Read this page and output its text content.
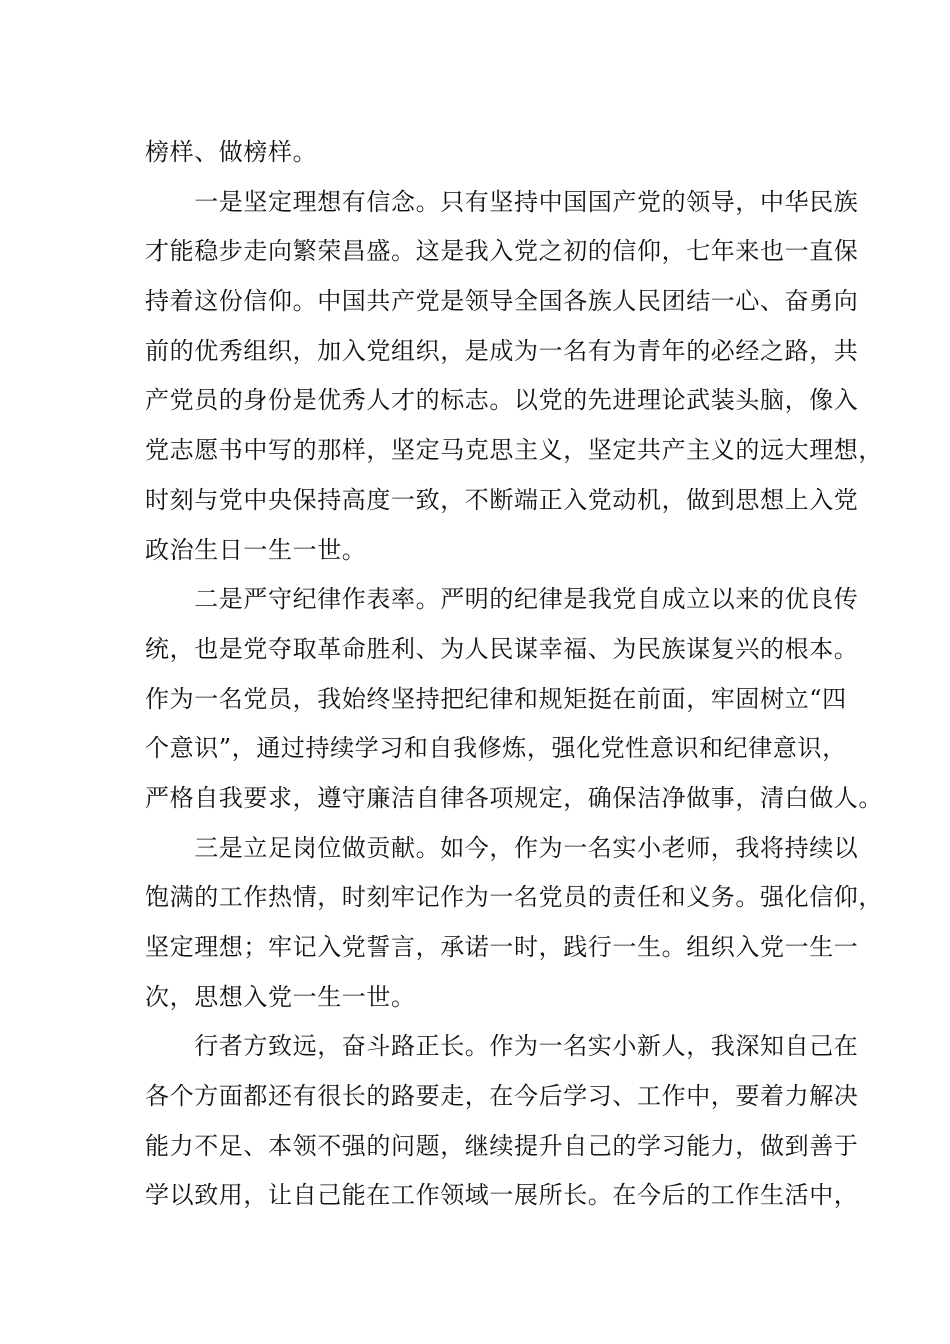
榜样、做榜样。
　　一是坚定理想有信念。只有坚持中国国产党的领导，中华民族
才能稳步走向繁荣昌盛。这是我入党之初的信仰，七年来也一直保
持着这份信仰。中国共产党是领导全国各族人民团结一心、奋勇向
前的优秀组织，加入党组织，是成为一名有为青年的必经之路，共
产党员的身份是优秀人才的标志。以党的先进理论武装头脑，像入
党志愿书中写的那样，坚定马克思主义，坚定共产主义的远大理想，
时刻与党中央保持高度一致，不断端正入党动机，做到思想上入党
政治生日一生一世。
　　二是严守纪律作表率。严明的纪律是我党自成立以来的优良传
统，也是党夺取革命胜利、为人民谋幸福、为民族谋复兴的根本。
作为一名党员，我始终坚持把纪律和规矩挺在前面，牢固树立“四
个意识”，通过持续学习和自我修炼，强化党性意识和纪律意识，
严格自我要求，遵守廉洁自律各项规定，确保洁净做事，清白做人。
　　三是立足岗位做贡献。如今，作为一名实小老师，我将持续以
饱满的工作热情，时刻牢记作为一名党员的责任和义务。强化信仰，
坚定理想；牢记入党誓言，承诺一时，践行一生。组织入党一生一
次，思想入党一生一世。
　　行者方致远，奋斗路正长。作为一名实小新人，我深知自己在
各个方面都还有很长的路要走，在今后学习、工作中，要着力解决
能力不足、本领不强的问题，继续提升自己的学习能力，做到善于
学以致用，让自己能在工作领域一展所长。在今后的工作生活中，
